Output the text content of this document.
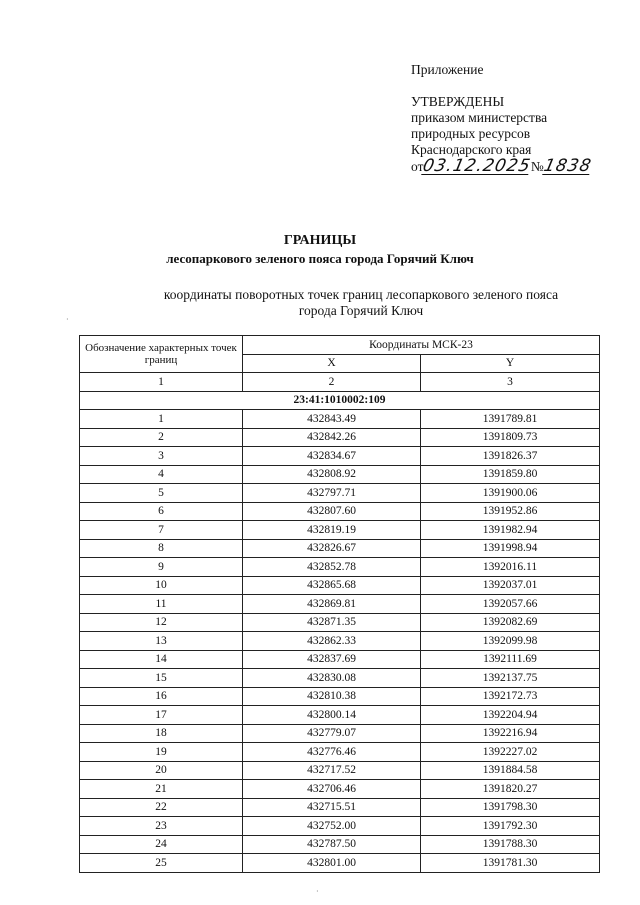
Приложение
УТВЕРЖДЕНЫ
приказом министерства
природных ресурсов
Краснодарского края
от03.12.2025№1838
ГРАНИЦЫ
лесопаркового зеленого пояса города Горячий Ключ
координаты поворотных точек границ лесопаркового зеленого пояса
города Горячий Ключ
·
·
Обозначение характерных точек границ	Координаты МСК-23	
	X	Y
1	2	3
23:41:1010002:109		
1	432843.49	1391789.81
2	432842.26	1391809.73
3	432834.67	1391826.37
4	432808.92	1391859.80
5	432797.71	1391900.06
6	432807.60	1391952.86
7	432819.19	1391982.94
8	432826.67	1391998.94
9	432852.78	1392016.11
10	432865.68	1392037.01
11	432869.81	1392057.66
12	432871.35	1392082.69
13	432862.33	1392099.98
14	432837.69	1392111.69
15	432830.08	1392137.75
16	432810.38	1392172.73
17	432800.14	1392204.94
18	432779.07	1392216.94
19	432776.46	1392227.02
20	432717.52	1391884.58
21	432706.46	1391820.27
22	432715.51	1391798.30
23	432752.00	1391792.30
24	432787.50	1391788.30
25	432801.00	1391781.30
